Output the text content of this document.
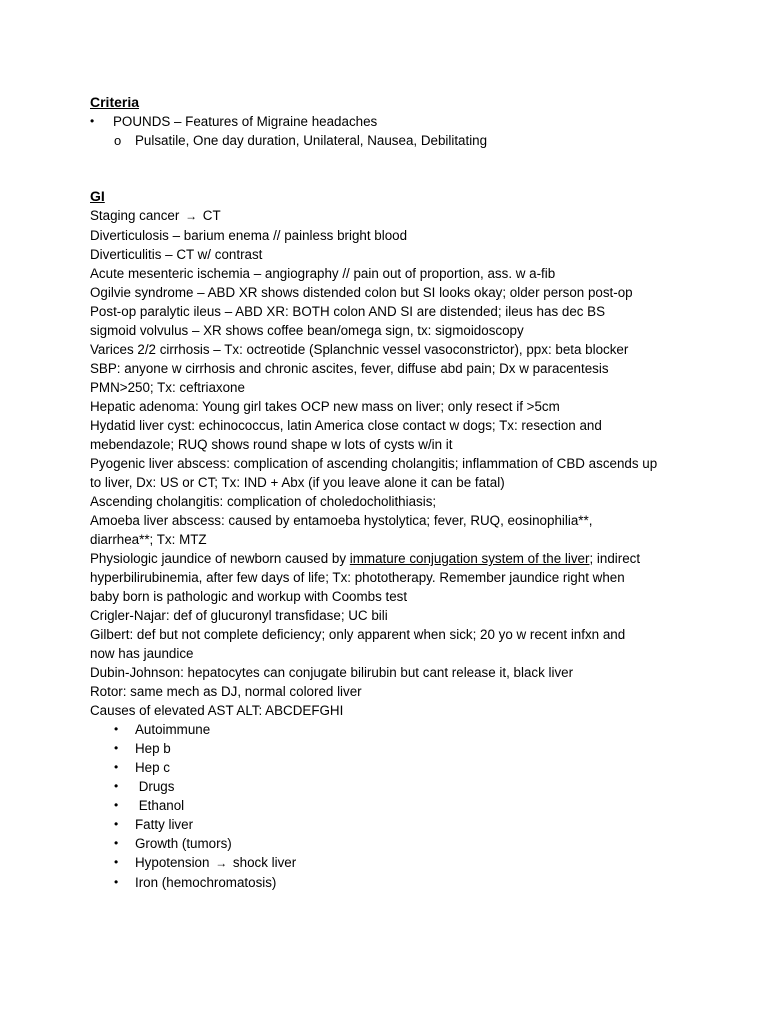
Criteria
• POUNDS – Features of Migraine headaches
o Pulsatile, One day duration, Unilateral, Nausea, Debilitating
GI
Staging cancer → CT
Diverticulosis – barium enema // painless bright blood
Diverticulitis – CT w/ contrast
Acute mesenteric ischemia – angiography // pain out of proportion, ass. w a-fib
Ogilvie syndrome – ABD XR shows distended colon but SI looks okay; older person post-op
Post-op paralytic ileus – ABD XR: BOTH colon AND SI are distended; ileus has dec BS
sigmoid volvulus – XR shows coffee bean/omega sign, tx: sigmoidoscopy
Varices 2/2 cirrhosis – Tx: octreotide (Splanchnic vessel vasoconstrictor), ppx: beta blocker
SBP: anyone w cirrhosis and chronic ascites, fever, diffuse abd pain; Dx w paracentesis
PMN>250; Tx: ceftriaxone
Hepatic adenoma: Young girl takes OCP new mass on liver; only resect if >5cm
Hydatid liver cyst: echinococcus, latin America close contact w dogs; Tx: resection and
mebendazole; RUQ shows round shape w lots of cysts w/in it
Pyogenic liver abscess: complication of ascending cholangitis; inflammation of CBD ascends up
to liver, Dx: US or CT; Tx: IND + Abx (if you leave alone it can be fatal)
Ascending cholangitis: complication of choledocholithiasis;
Amoeba liver abscess: caused by entamoeba hystolytica; fever, RUQ, eosinophilia**,
diarrhea**; Tx: MTZ
Physiologic jaundice of newborn caused by immature conjugation system of the liver; indirect
hyperbilirubinemia, after few days of life; Tx: phototherapy. Remember jaundice right when
baby born is pathologic and workup with Coombs test
Crigler-Najar: def of glucuronyl transfidase; UC bili
Gilbert: def but not complete deficiency; only apparent when sick; 20 yo w recent infxn and
now has jaundice
Dubin-Johnson: hepatocytes can conjugate bilirubin but cant release it, black liver
Rotor: same mech as DJ, normal colored liver
Causes of elevated AST ALT: ABCDEFGHI
• Autoimmune
• Hep b
• Hep c
• Drugs
• Ethanol
• Fatty liver
• Growth (tumors)
• Hypotension → shock liver
• Iron (hemochromatosis)
